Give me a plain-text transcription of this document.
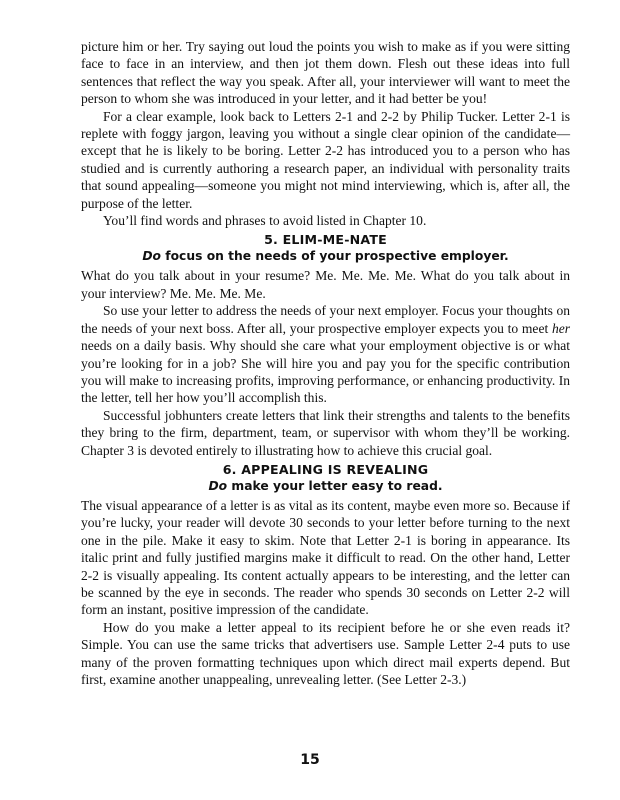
picture him or her. Try saying out loud the points you wish to make as if you were sitting face to face in an interview, and then jot them down. Flesh out these ideas into full sentences that reflect the way you speak. After all, your interviewer will want to meet the person to whom she was introduced in your letter, and it had better be you!

For a clear example, look back to Letters 2-1 and 2-2 by Philip Tucker. Letter 2-1 is replete with foggy jargon, leaving you without a single clear opinion of the candidate—except that he is likely to be boring. Letter 2-2 has introduced you to a person who has studied and is currently authoring a research paper, an individual with personality traits that sound appealing—someone you might not mind interviewing, which is, after all, the purpose of the letter.

You’ll find words and phrases to avoid listed in Chapter 10.

5. ELIM-ME-NATE
Do focus on the needs of your prospective employer.

What do you talk about in your resume? Me. Me. Me. Me. What do you talk about in your interview? Me. Me. Me. Me.

So use your letter to address the needs of your next employer. Focus your thoughts on the needs of your next boss. After all, your prospective employer expects you to meet her needs on a daily basis. Why should she care what your employment objective is or what you’re looking for in a job? She will hire you and pay you for the specific contribution you will make to increasing profits, improving performance, or enhancing productivity. In the letter, tell her how you’ll accomplish this.

Successful jobhunters create letters that link their strengths and talents to the benefits they bring to the firm, department, team, or supervisor with whom they’ll be working. Chapter 3 is devoted entirely to illustrating how to achieve this crucial goal.

6. APPEALING IS REVEALING
Do make your letter easy to read.

The visual appearance of a letter is as vital as its content, maybe even more so. Because if you’re lucky, your reader will devote 30 seconds to your letter before turning to the next one in the pile. Make it easy to skim. Note that Letter 2-1 is boring in appearance. Its italic print and fully justified margins make it difficult to read. On the other hand, Letter 2-2 is visually appealing. Its content actually appears to be interesting, and the letter can be scanned by the eye in seconds. The reader who spends 30 seconds on Letter 2-2 will form an instant, positive impression of the candidate.

How do you make a letter appeal to its recipient before he or she even reads it? Simple. You can use the same tricks that advertisers use. Sample Letter 2-4 puts to use many of the proven formatting techniques upon which direct mail experts depend. But first, examine another unappealing, unrevealing letter. (See Letter 2-3.)

15
